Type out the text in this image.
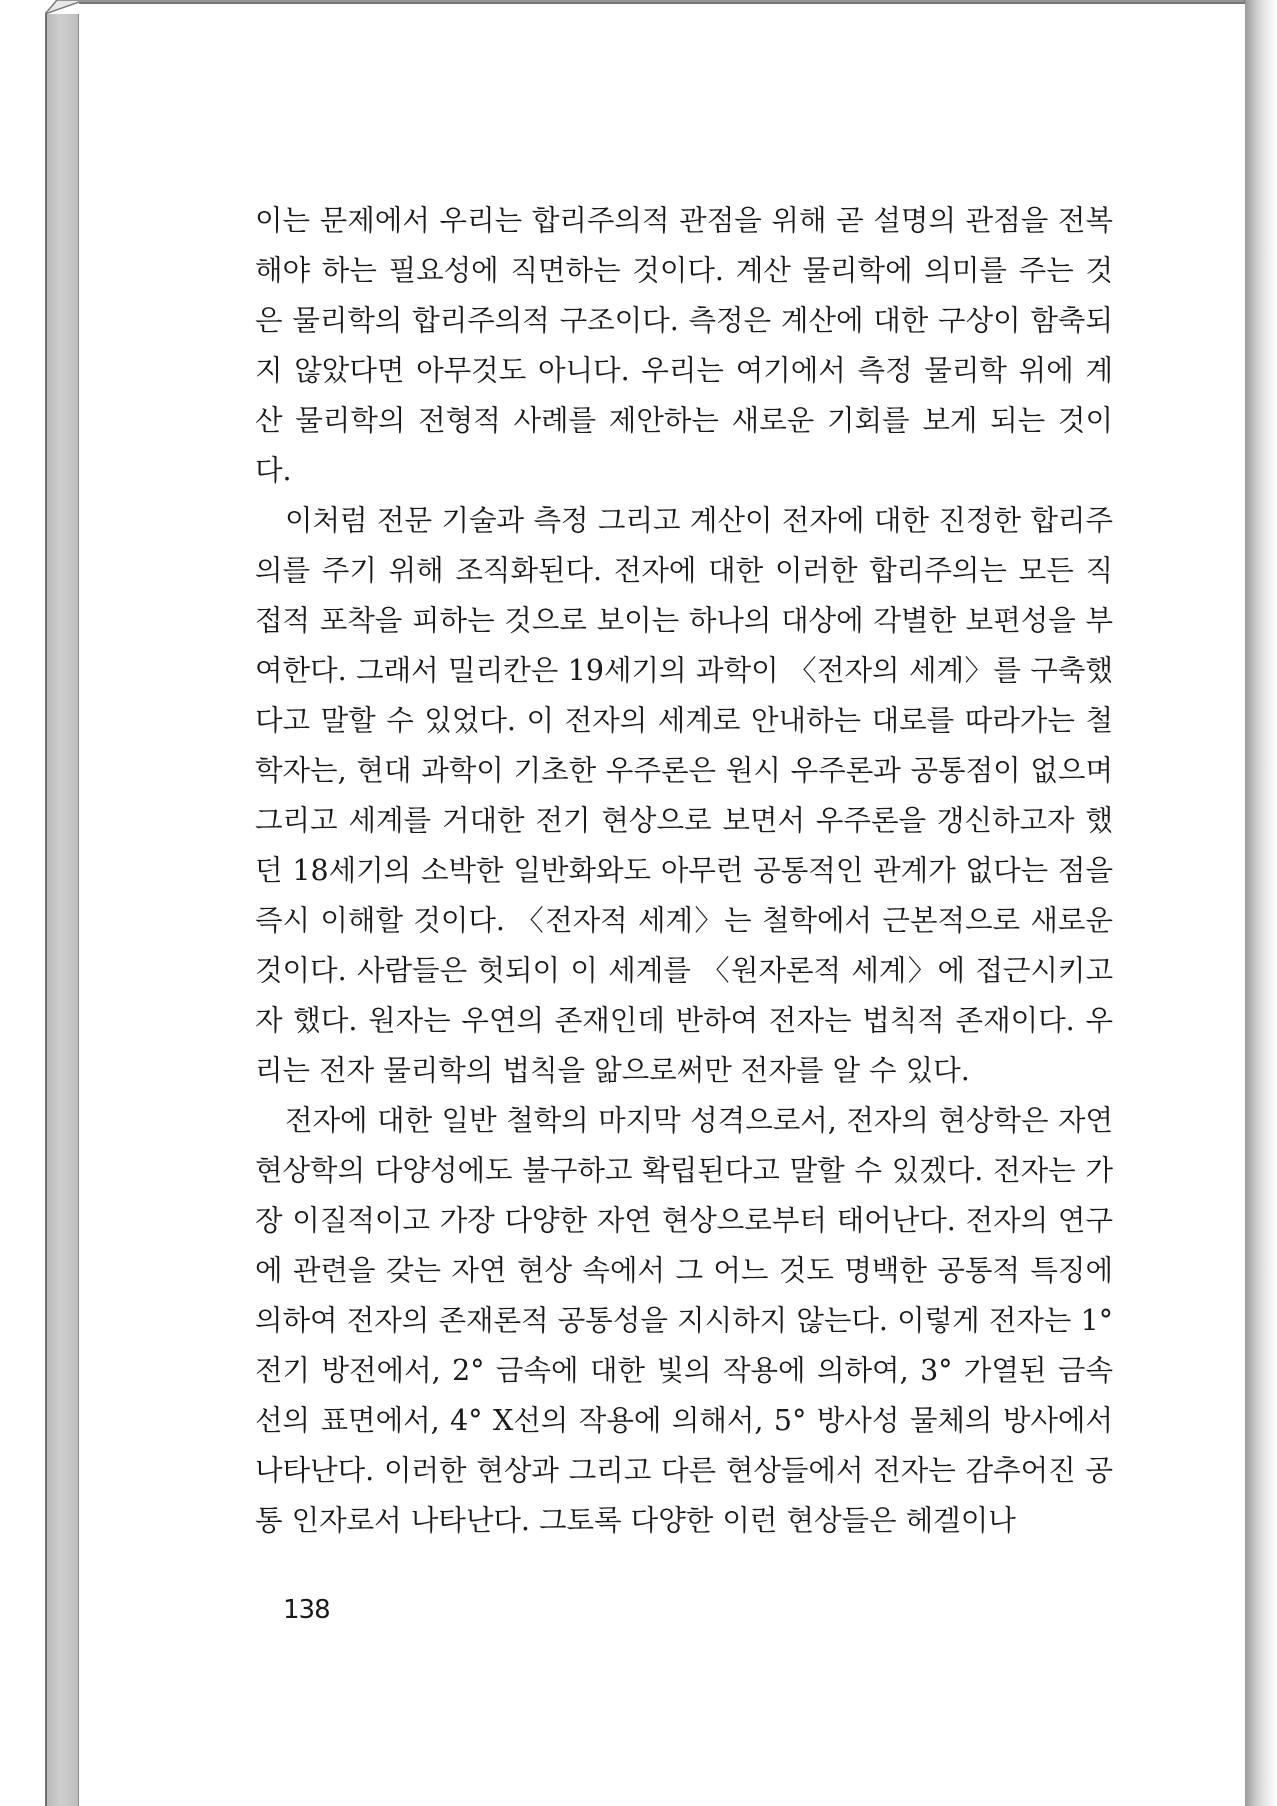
이는 문제에서 우리는 합리주의적 관점을 위해 곧 설명의 관점을 전복해야 하는 필요성에 직면하는 것이다. 계산 물리학에 의미를 주는 것은 물리학의 합리주의적 구조이다. 측정은 계산에 대한 구상이 함축되지 않았다면 아무것도 아니다. 우리는 여기에서 측정 물리학 위에 계산 물리학의 전형적 사례를 제안하는 새로운 기회를 보게 되는 것이다.

이처럼 전문 기술과 측정 그리고 계산이 전자에 대한 진정한 합리주의를 주기 위해 조직화된다. 전자에 대한 이러한 합리주의는 모든 직접적 포착을 피하는 것으로 보이는 하나의 대상에 각별한 보편성을 부여한다. 그래서 밀리칸은 19세기의 과학이 〈전자의 세계〉를 구축했다고 말할 수 있었다. 이 전자의 세계로 안내하는 대로를 따라가는 철학자는, 현대 과학이 기초한 우주론은 원시 우주론과 공통점이 없으며 그리고 세계를 거대한 전기 현상으로 보면서 우주론을 갱신하고자 했던 18세기의 소박한 일반화와도 아무런 공통적인 관계가 없다는 점을 즉시 이해할 것이다. 〈전자적 세계〉는 철학에서 근본적으로 새로운 것이다. 사람들은 헛되이 이 세계를 〈원자론적 세계〉에 접근시키고자 했다. 원자는 우연의 존재인데 반하여 전자는 법칙적 존재이다. 우리는 전자 물리학의 법칙을 앎으로써만 전자를 알 수 있다.

전자에 대한 일반 철학의 마지막 성격으로서, 전자의 현상학은 자연 현상학의 다양성에도 불구하고 확립된다고 말할 수 있겠다. 전자는 가장 이질적이고 가장 다양한 자연 현상으로부터 태어난다. 전자의 연구에 관련을 갖는 자연 현상 속에서 그 어느 것도 명백한 공통적 특징에 의하여 전자의 존재론적 공통성을 지시하지 않는다. 이렇게 전자는 1° 전기 방전에서, 2° 금속에 대한 빛의 작용에 의하여, 3° 가열된 금속선의 표면에서, 4° X선의 작용에 의해서, 5° 방사성 물체의 방사에서 나타난다. 이러한 현상과 그리고 다른 현상들에서 전자는 감추어진 공통 인자로서 나타난다. 그토록 다양한 이런 현상들은 헤겔이나

138
